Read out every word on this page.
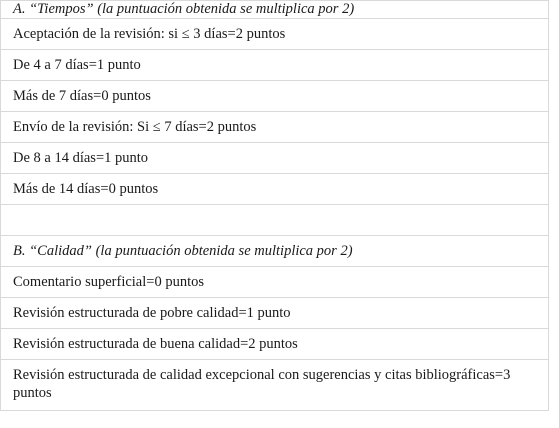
A. “Tiempos” (la puntuación obtenida se multiplica por 2)
Aceptación de la revisión: si ≤ 3 días=2 puntos
De 4 a 7 días=1 punto
Más de 7 días=0 puntos
Envío de la revisión: Si ≤ 7 días=2 puntos
De 8 a 14 días=1 punto
Más de 14 días=0 puntos

B. “Calidad” (la puntuación obtenida se multiplica por 2)
Comentario superficial=0 puntos
Revisión estructurada de pobre calidad=1 punto
Revisión estructurada de buena calidad=2 puntos
Revisión estructurada de calidad excepcional con sugerencias y citas bibliográficas=3 puntos
